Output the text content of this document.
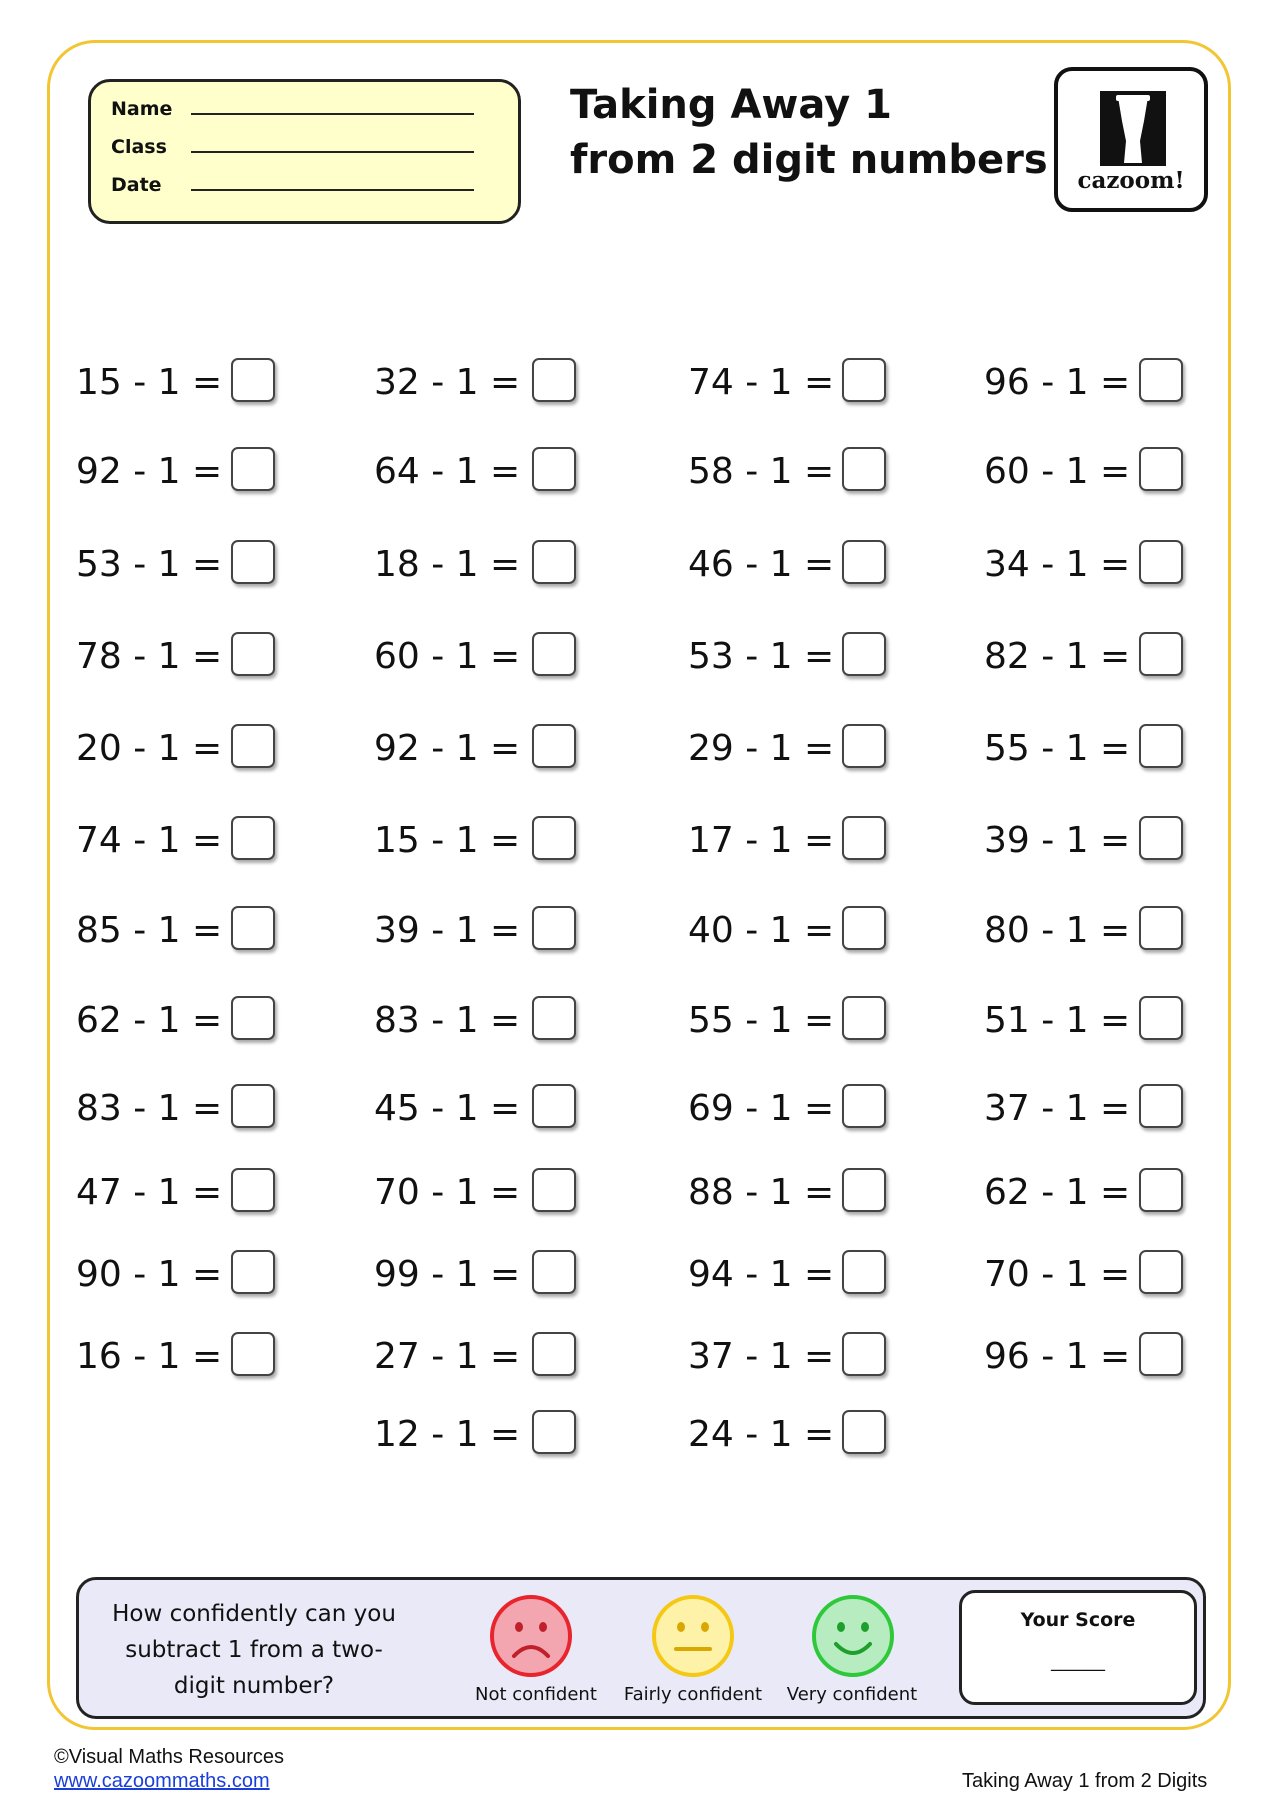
Name
Class
Date
Taking Away 1
from 2 digit numbers	cazoom!
15 - 1 =
92 - 1 =
53 - 1 =
78 - 1 =
20 - 1 =
74 - 1 =
85 - 1 =
62 - 1 =
83 - 1 =
47 - 1 =
90 - 1 =
16 - 1 =
32 - 1 =
64 - 1 =
18 - 1 =
60 - 1 =
92 - 1 =
15 - 1 =
39 - 1 =
83 - 1 =
45 - 1 =
70 - 1 =
99 - 1 =
27 - 1 =
12 - 1 =
74 - 1 =
58 - 1 =
46 - 1 =
53 - 1 =
29 - 1 =
17 - 1 =
40 - 1 =
55 - 1 =
69 - 1 =
88 - 1 =
94 - 1 =
37 - 1 =
24 - 1 =
96 - 1 =
60 - 1 =
34 - 1 =
82 - 1 =
55 - 1 =
39 - 1 =
80 - 1 =
51 - 1 =
37 - 1 =
62 - 1 =
70 - 1 =
96 - 1 =
How confidently can you subtract 1 from a two-digit number?	Not confident Fairly confident	Very confident
Your Score
______
©Visual Maths Resources
www.cazoommaths.com	Taking Away 1 from 2 Digits
